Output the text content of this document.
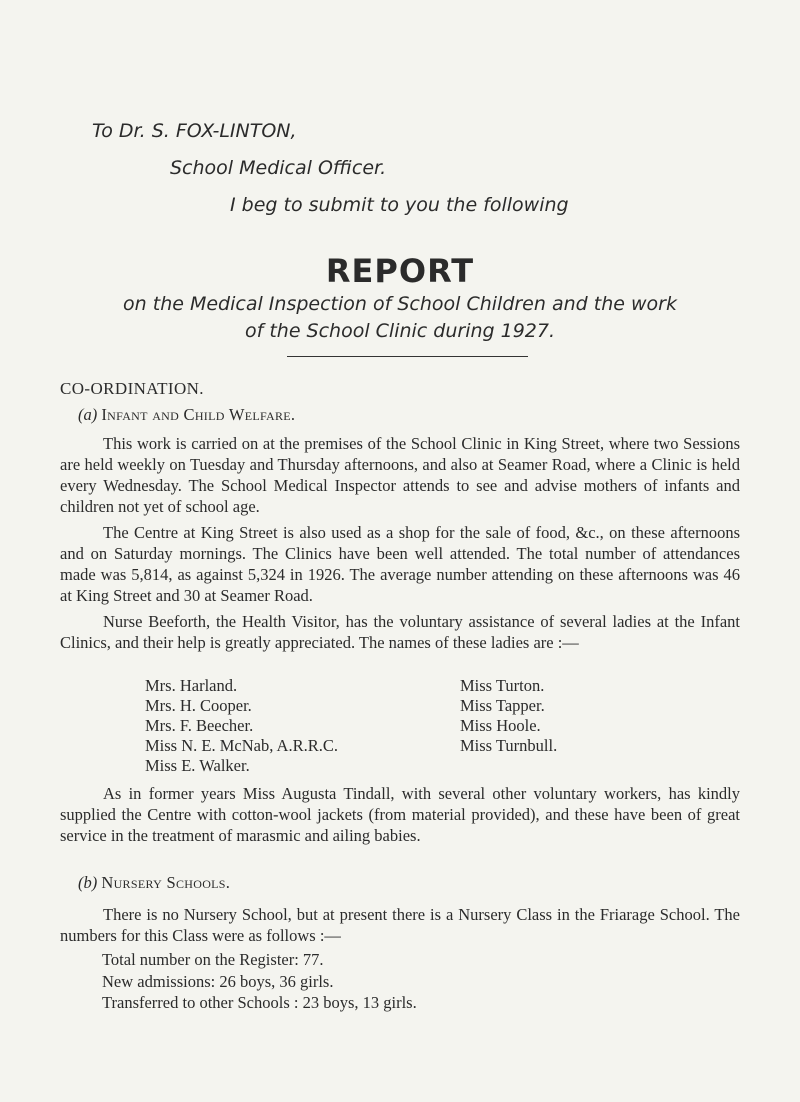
To Dr. S. FOX-LINTON,
School Medical Officer.
I beg to submit to you the following
REPORT
on the Medical Inspection of School Children and the work
of the School Clinic during 1927.
CO-ORDINATION.
(a) Infant and Child Welfare.

This work is carried on at the premises of the School Clinic in King Street, where two Sessions are held weekly on Tuesday and Thursday afternoons, and also at Seamer Road, where a Clinic is held every Wednesday. The School Medical Inspector attends to see and advise mothers of infants and children not yet of school age.

The Centre at King Street is also used as a shop for the sale of food, &c., on these afternoons and on Saturday mornings. The Clinics have been well attended. The total number of attendances made was 5,814, as against 5,324 in 1926. The average number attending on these afternoons was 46 at King Street and 30 at Seamer Road.

Nurse Beeforth, the Health Visitor, has the voluntary assistance of several ladies at the Infant Clinics, and their help is greatly appreciated. The names of these ladies are :—

Mrs. Harland.
Mrs. H. Cooper.
Mrs. F. Beecher.
Miss N. E. McNab, A.R.R.C.
Miss E. Walker.
Miss Turton.
Miss Tapper.
Miss Hoole.
Miss Turnbull.

As in former years Miss Augusta Tindall, with several other voluntary workers, has kindly supplied the Centre with cotton-wool jackets (from material provided), and these have been of great service in the treatment of marasmic and ailing babies.

(b) Nursery Schools.

There is no Nursery School, but at present there is a Nursery Class in the Friarage School. The numbers for this Class were as follows :—

Total number on the Register: 77.
New admissions: 26 boys, 36 girls.
Transferred to other Schools : 23 boys, 13 girls.
